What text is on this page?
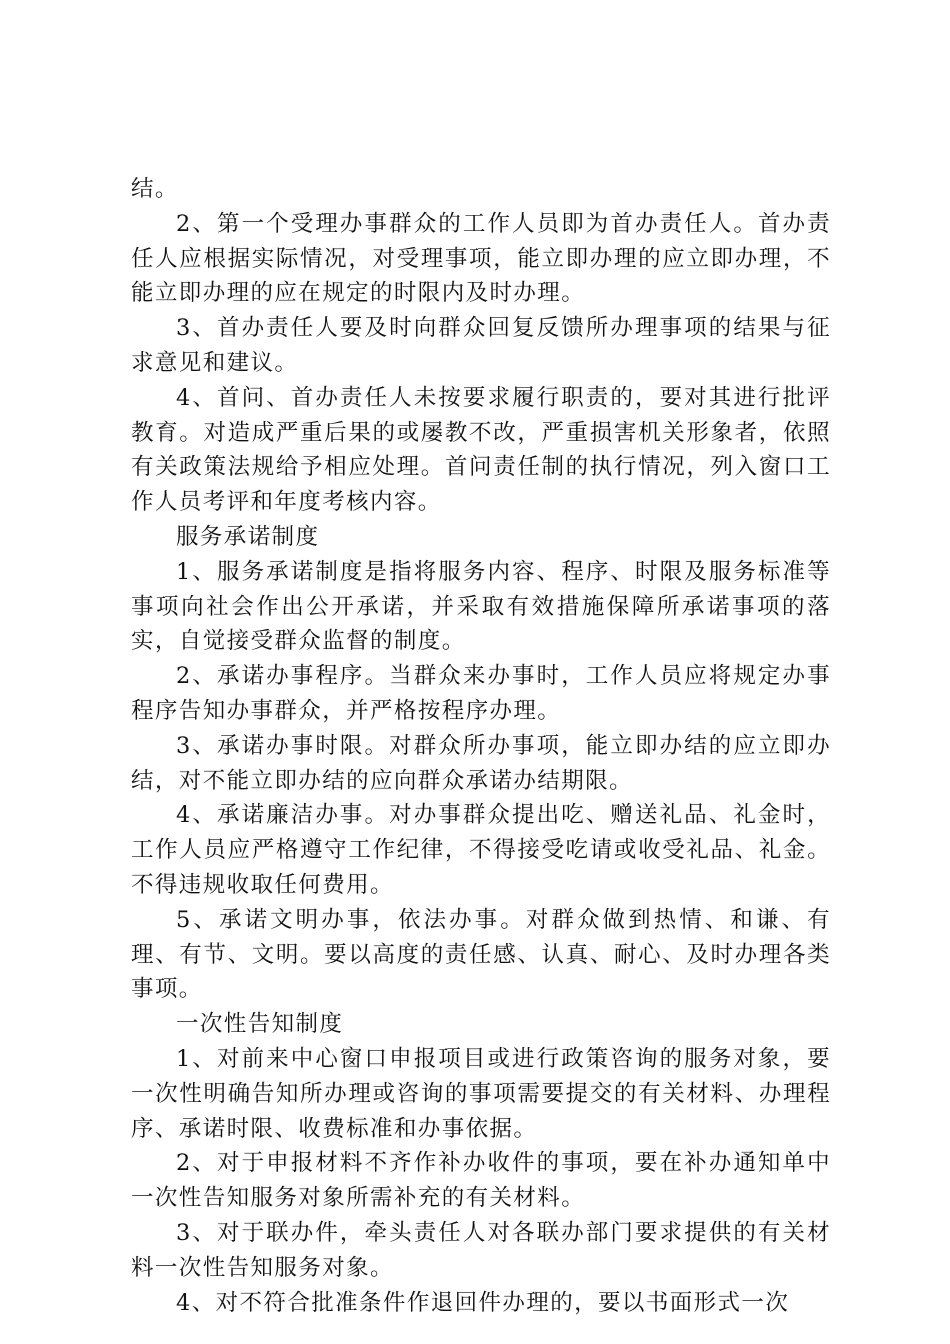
结。

2、第一个受理办事群众的工作人员即为首办责任人。首办责任人应根据实际情况，对受理事项，能立即办理的应立即办理，不能立即办理的应在规定的时限内及时办理。

3、首办责任人要及时向群众回复反馈所办理事项的结果与征求意见和建议。

4、首问、首办责任人未按要求履行职责的，要对其进行批评教育。对造成严重后果的或屡教不改，严重损害机关形象者，依照有关政策法规给予相应处理。首问责任制的执行情况，列入窗口工作人员考评和年度考核内容。

服务承诺制度

1、服务承诺制度是指将服务内容、程序、时限及服务标准等事项向社会作出公开承诺，并采取有效措施保障所承诺事项的落实，自觉接受群众监督的制度。

2、承诺办事程序。当群众来办事时，工作人员应将规定办事程序告知办事群众，并严格按程序办理。

3、承诺办事时限。对群众所办事项，能立即办结的应立即办结，对不能立即办结的应向群众承诺办结期限。

4、承诺廉洁办事。对办事群众提出吃、赠送礼品、礼金时，工作人员应严格遵守工作纪律，不得接受吃请或收受礼品、礼金。不得违规收取任何费用。

5、承诺文明办事，依法办事。对群众做到热情、和谦、有理、有节、文明。要以高度的责任感、认真、耐心、及时办理各类事项。

一次性告知制度

1、对前来中心窗口申报项目或进行政策咨询的服务对象，要一次性明确告知所办理或咨询的事项需要提交的有关材料、办理程序、承诺时限、收费标准和办事依据。

2、对于申报材料不齐作补办收件的事项，要在补办通知单中一次性告知服务对象所需补充的有关材料。

3、对于联办件，牵头责任人对各联办部门要求提供的有关材料一次性告知服务对象。

4、对不符合批准条件作退回件办理的，要以书面形式一次
